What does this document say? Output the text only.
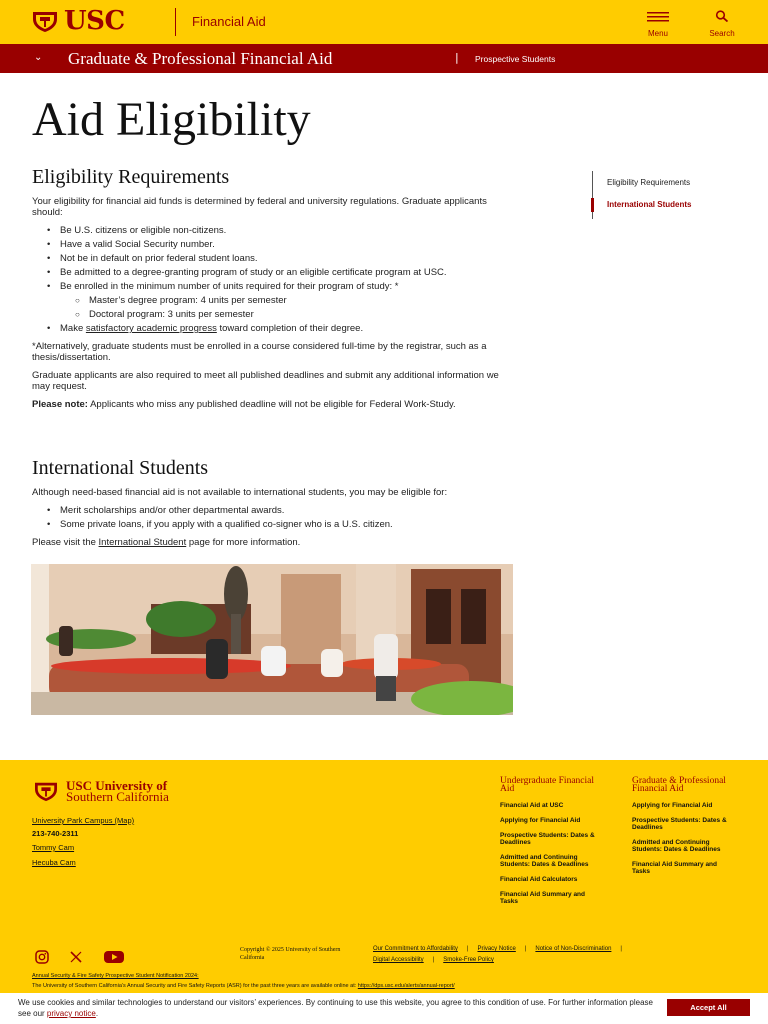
USC	Financial Aid
Menu	Search
⌄ Graduate & Professional Financial Aid	| Prospective Students
Aid Eligibility
Eligibility Requirements

Your eligibility for financial aid funds is determined by federal and university regulations. Graduate applicants should:

• Be U.S. citizens or eligible non-citizens.
• Have a valid Social Security number.
• Not be in default on prior federal student loans.
• Be admitted to a degree-granting program of study or an eligible certificate program at USC.
• Be enrolled in the minimum number of units required for their program of study: *
○ Master’s degree program: 4 units per semester
○ Doctoral program: 3 units per semester
• Make satisfactory academic progress toward completion of their degree.

*Alternatively, graduate students must be enrolled in a course considered full-time by the registrar, such as a thesis/dissertation.

Graduate applicants are also required to meet all published deadlines and submit any additional information we may request.

Please note: Applicants who miss any published deadline will not be eligible for Federal Work-Study.

International Students

Although need-based financial aid is not available to international students, you may be eligible for:

• Merit scholarships and/or other departmental awards.
• Some private loans, if you apply with a qualified co-signer who is a U.S. citizen.

Please visit the International Student page for more information.

Eligibility Requirements
International Students
USC University of
Southern California
University Park Campus (Map)
213-740-2311
Tommy Cam
Hecuba Cam
Undergraduate Financial Aid
Financial Aid at USC
Applying for Financial Aid
Prospective Students: Dates & Deadlines
Admitted and Continuing Students: Dates & Deadlines
Financial Aid Calculators
Financial Aid Summary and Tasks
Graduate & Professional Financial Aid
Applying for Financial Aid
Prospective Students: Dates & Deadlines
Admitted and Continuing Students: Dates & Deadlines
Financial Aid Summary and Tasks
Copyright © 2025 University of Southern California
Our Commitment to Affordability | Privacy Notice | Notice of Non-Discrimination |
Digital Accessibility | Smoke-Free Policy
Annual Security & Fire Safety Prospective Student Notification 2024:
The University of Southern California’s Annual Security and Fire Safety Reports (ASR) for the past three years are available online at: https://dps.usc.edu/alerts/annual-report/
We use cookies and similar technologies to understand our visitors’ experiences. By continuing to use this website, you agree to this condition of use. For further information please see our privacy notice.
Accept All
